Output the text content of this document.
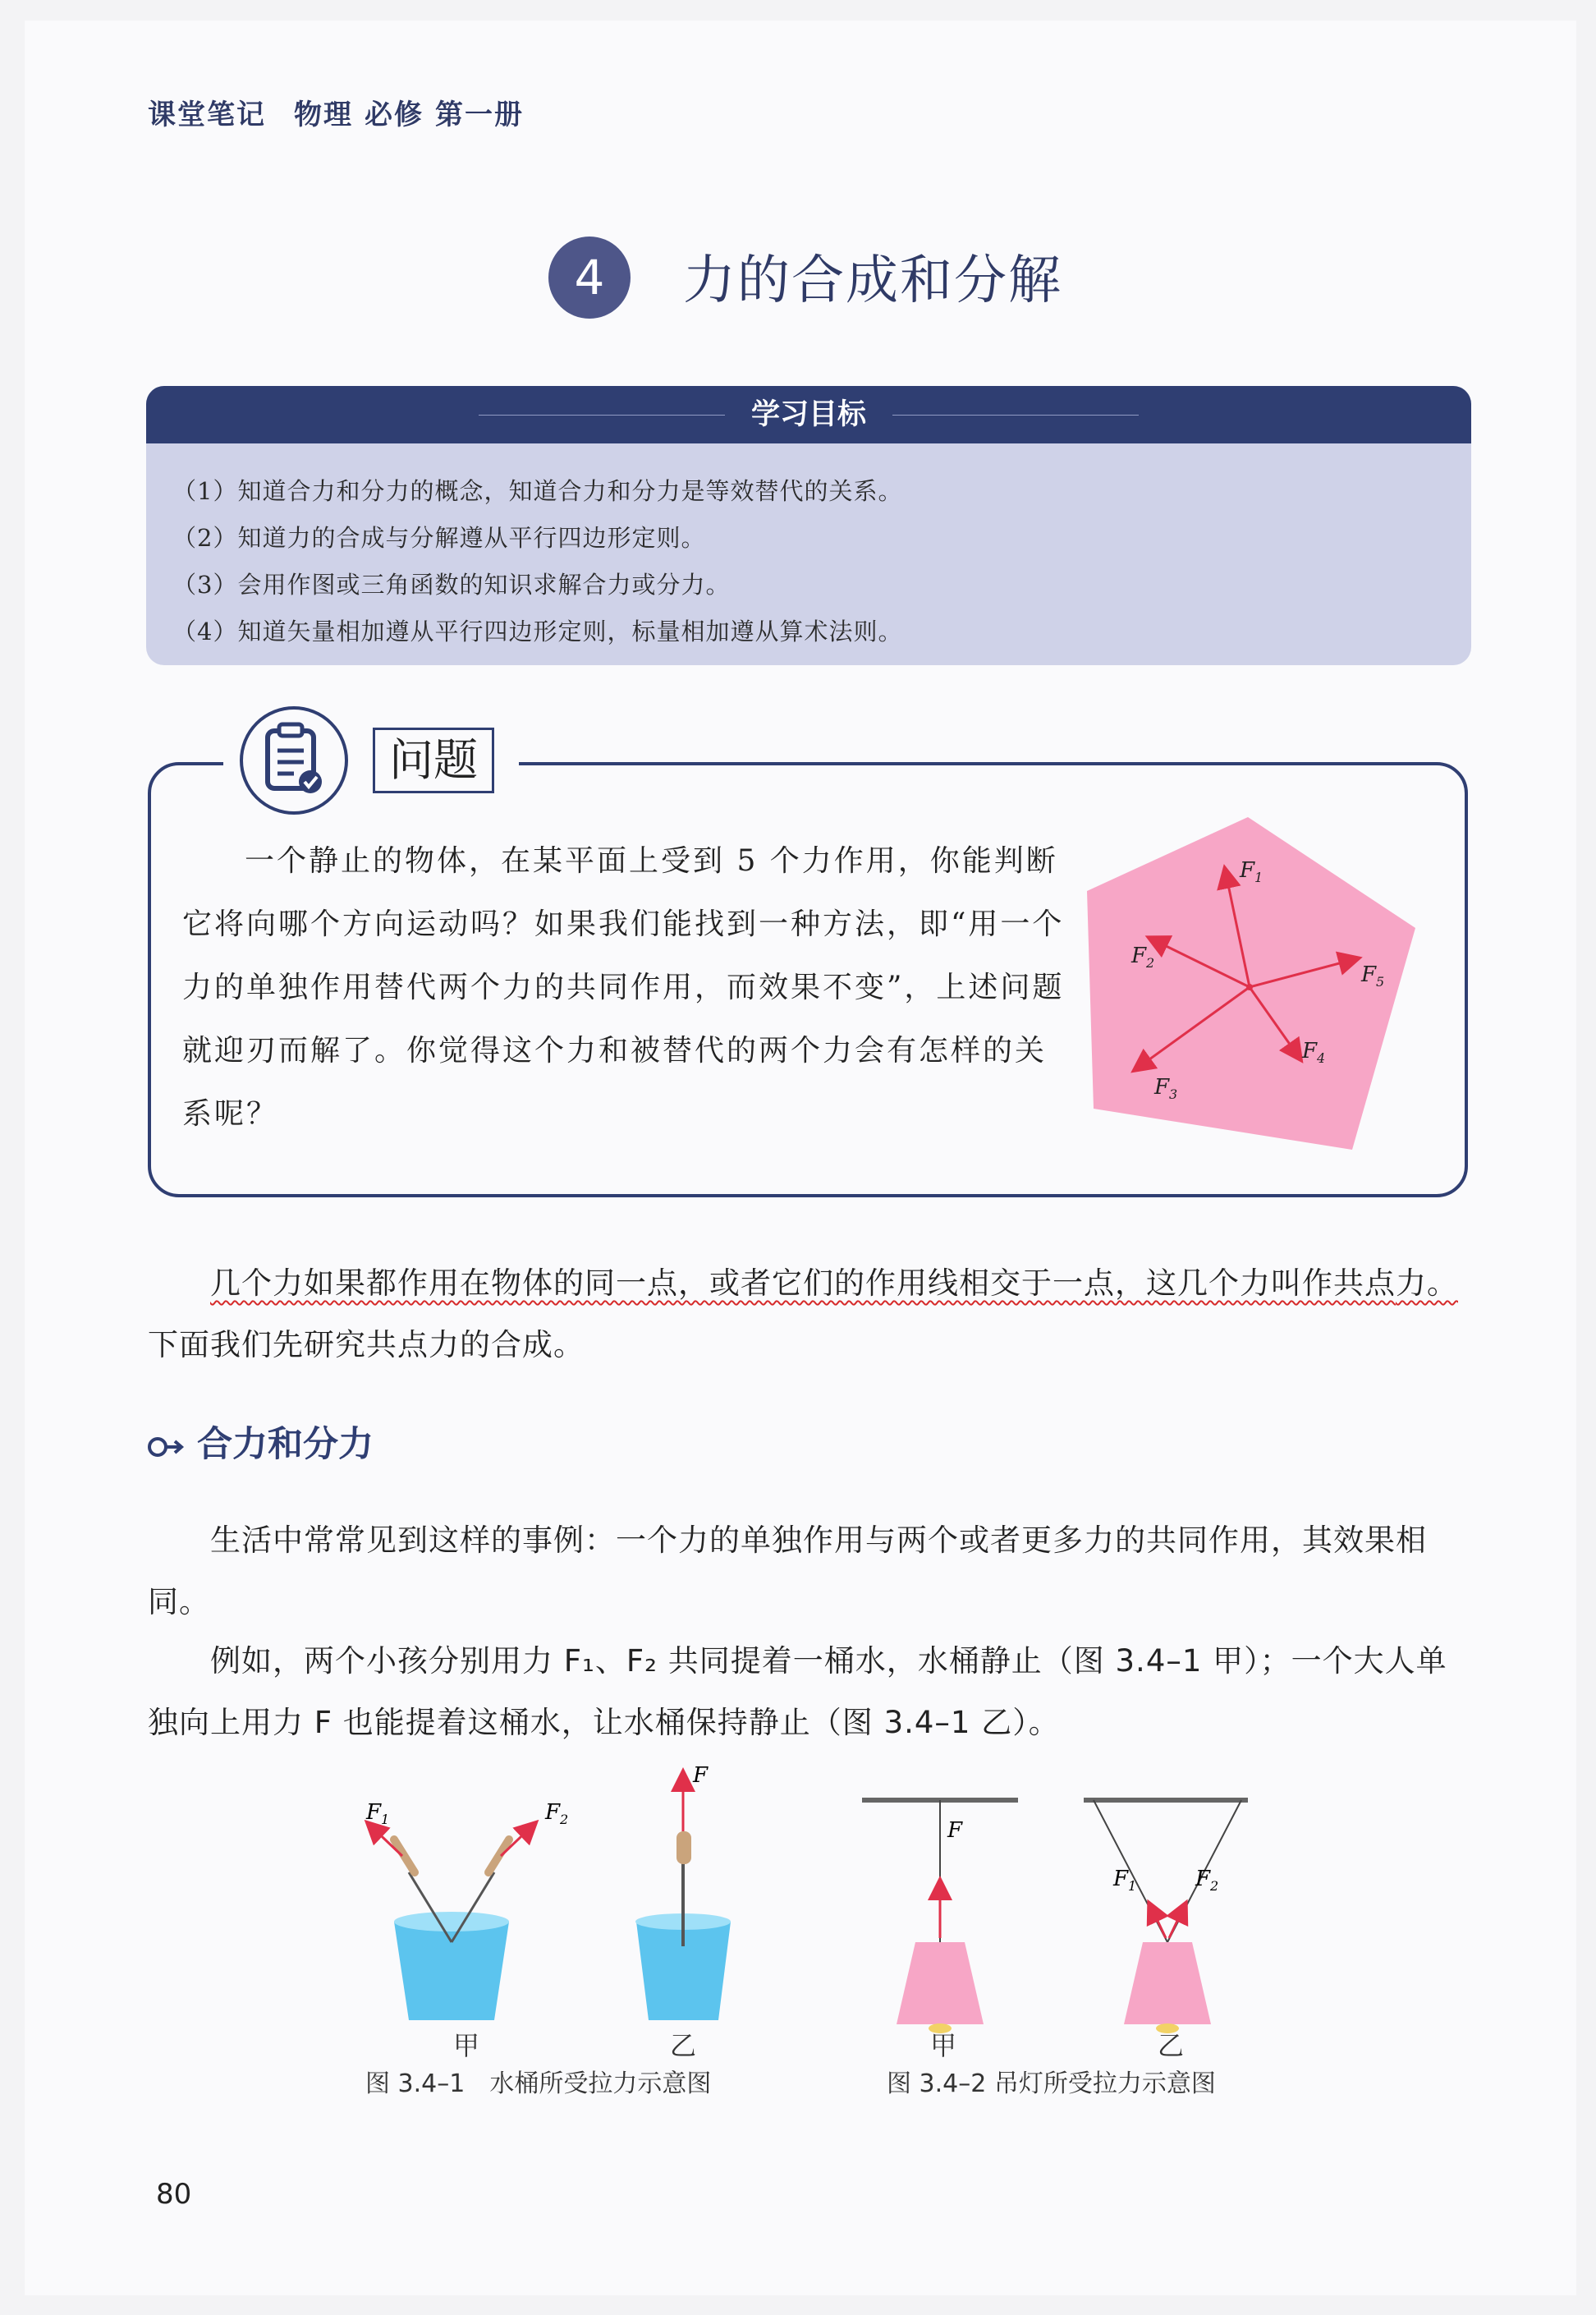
课堂笔记 物理 必修 第一册
4	力的合成和分解
学习目标
（1）知道合力和分力的概念，知道合力和分力是等效替代的关系。
（2）知道力的合成与分解遵从平行四边形定则。
（3）会用作图或三角函数的知识求解合力或分力。
（4）知道矢量相加遵从平行四边形定则，标量相加遵从算术法则。
问题
一个静止的物体，在某平面上受到 5 个力作用，你能判断它将向哪个方向运动吗？如果我们能找到一种方法，即“用一个力的单独作用替代两个力的共同作用，而效果不变”，上述问题就迎刃而解了。你觉得这个力和被替代的两个力会有怎样的关系呢？
$F_1$
$F_2$
$F_3$
$F_4$
$F_5$
几个力如果都作用在物体的同一点，或者它们的作用线相交于一点，这几个力叫作共点力。下面我们先研究共点力的合成。
合力和分力
生活中常常见到这样的事例：一个力的单独作用与两个或者更多力的共同作用，其效果相同。
例如，两个小孩分别用力 F₁、F₂ 共同提着一桶水，水桶静止（图 3.4–1 甲）；一个大人单独向上用力 F 也能提着这桶水，让水桶保持静止（图 3.4–1 乙）。
$F_1$	$F_2$
F
F
$F_1$	$F_2$
甲	乙	甲	乙
图 3.4–1　水桶所受拉力示意图	图 3.4–2 吊灯所受拉力示意图
80
